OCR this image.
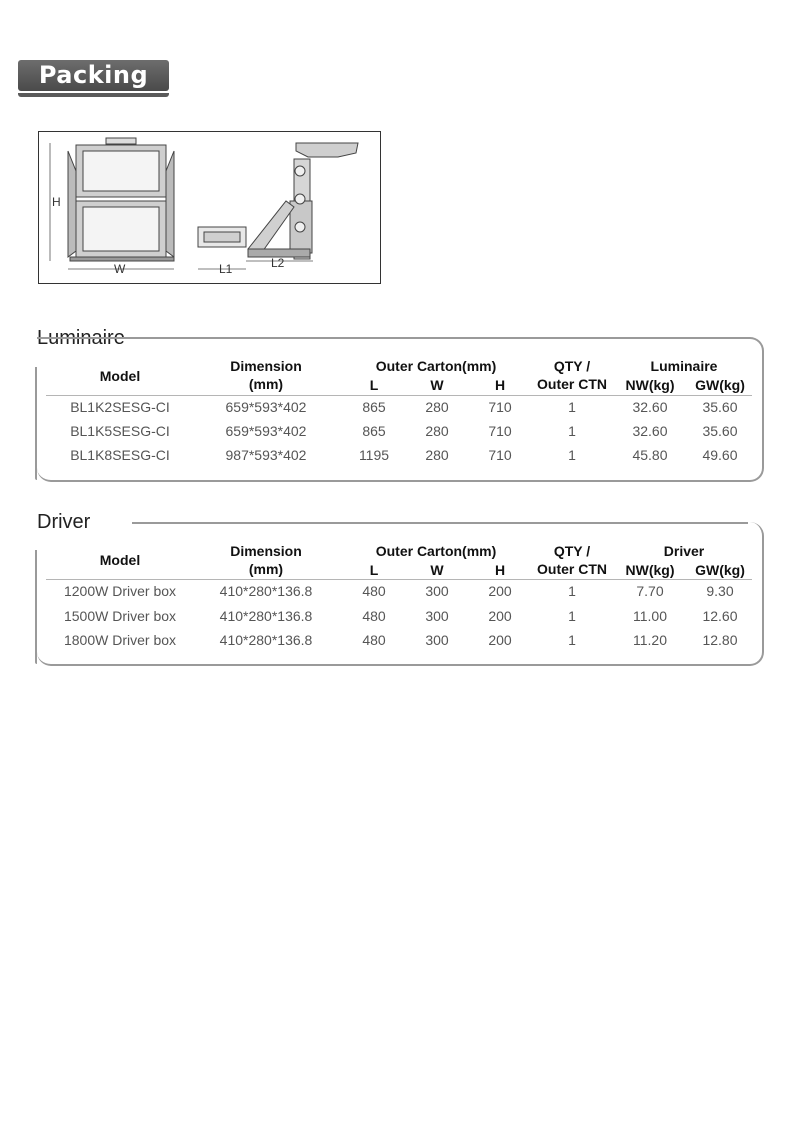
Packing
H
W	L1	L2
Luminaire
Model
Dimension
(mm)
Outer Carton(mm)
L	W	H
QTY /
Outer CTN
Luminaire
NW(kg)	GW(kg)
BL1K2SESG-CI	659*593*402	865	280	710	1	32.60	35.60
BL1K5SESG-CI	659*593*402	865	280	710	1	32.60	35.60
BL1K8SESG-CI	987*593*402	1195	280	710	1	45.80	49.60
Driver
Model
Dimension
(mm)
Outer Carton(mm)
L	W	H
QTY /
Outer CTN
Driver
NW(kg)	GW(kg)
1200W Driver box	410*280*136.8	480	300	200	1	7.70	9.30
1500W Driver box	410*280*136.8	480	300	200	1	11.00	12.60
1800W Driver box	410*280*136.8	480	300	200	1	11.20	12.80
